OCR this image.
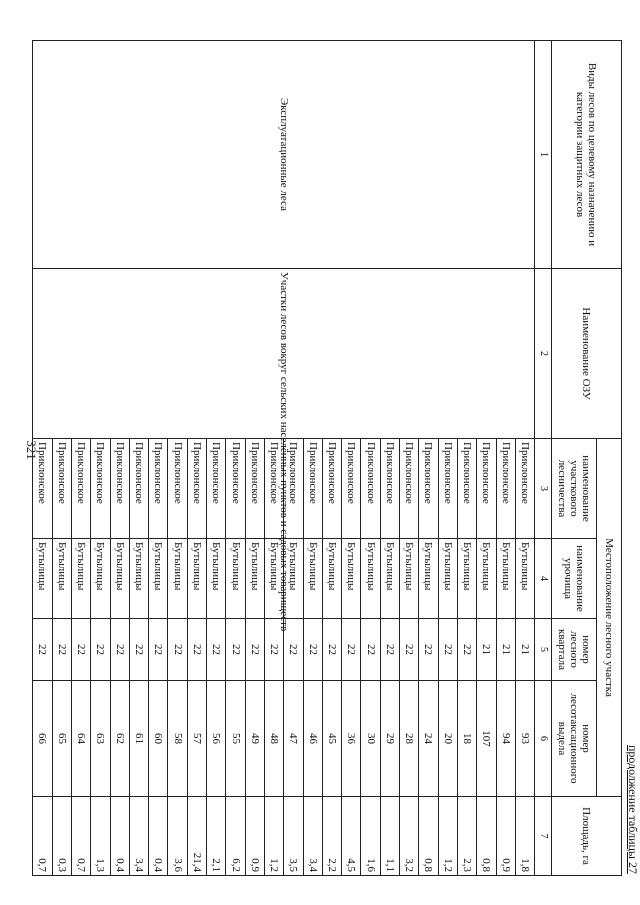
321
продолжение таблицы 27
Виды лесов по целевому назначению и категории защитных лесов	Наименование ОЗУ	Местоположение лесного участка				Площадь, га
		наименование участкового лесничества	наименование урочища	номер лесного квартала	номер лесотаксационного выдела	
1	2	3	4	5	6	7
Эксплуатационные леса	Участки лесов вокруг сельских населённых пунктов и садовых товариществ	Приклонское	Бутылицы	21	93	1,8
		Приклонское	Бутылицы	21	94	0,9
		Приклонское	Бутылицы	21	107	0,8
		Приклонское	Бутылицы	22	18	2,3
		Приклонское	Бутылицы	22	20	1,2
		Приклонское	Бутылицы	22	24	0,8
		Приклонское	Бутылицы	22	28	3,2
		Приклонское	Бутылицы	22	29	1,1
		Приклонское	Бутылицы	22	30	1,6
		Приклонское	Бутылицы	22	36	4,5
		Приклонское	Бутылицы	22	45	2,2
		Приклонское	Бутылицы	22	46	3,4
		Приклонское	Бутылицы	22	47	3,5
		Приклонское	Бутылицы	22	48	1,2
		Приклонское	Бутылицы	22	49	0,9
		Приклонское	Бутылицы	22	55	6,2
		Приклонское	Бутылицы	22	56	2,1
		Приклонское	Бутылицы	22	57	21,4
		Приклонское	Бутылицы	22	58	3,6
		Приклонское	Бутылицы	22	60	0,4
		Приклонское	Бутылицы	22	61	3,4
		Приклонское	Бутылицы	22	62	0,4
		Приклонское	Бутылицы	22	63	1,3
		Приклонское	Бутылицы	22	64	0,7
		Приклонское	Бутылицы	22	65	0,3
		Приклонское	Бутылицы	22	66	0,7
